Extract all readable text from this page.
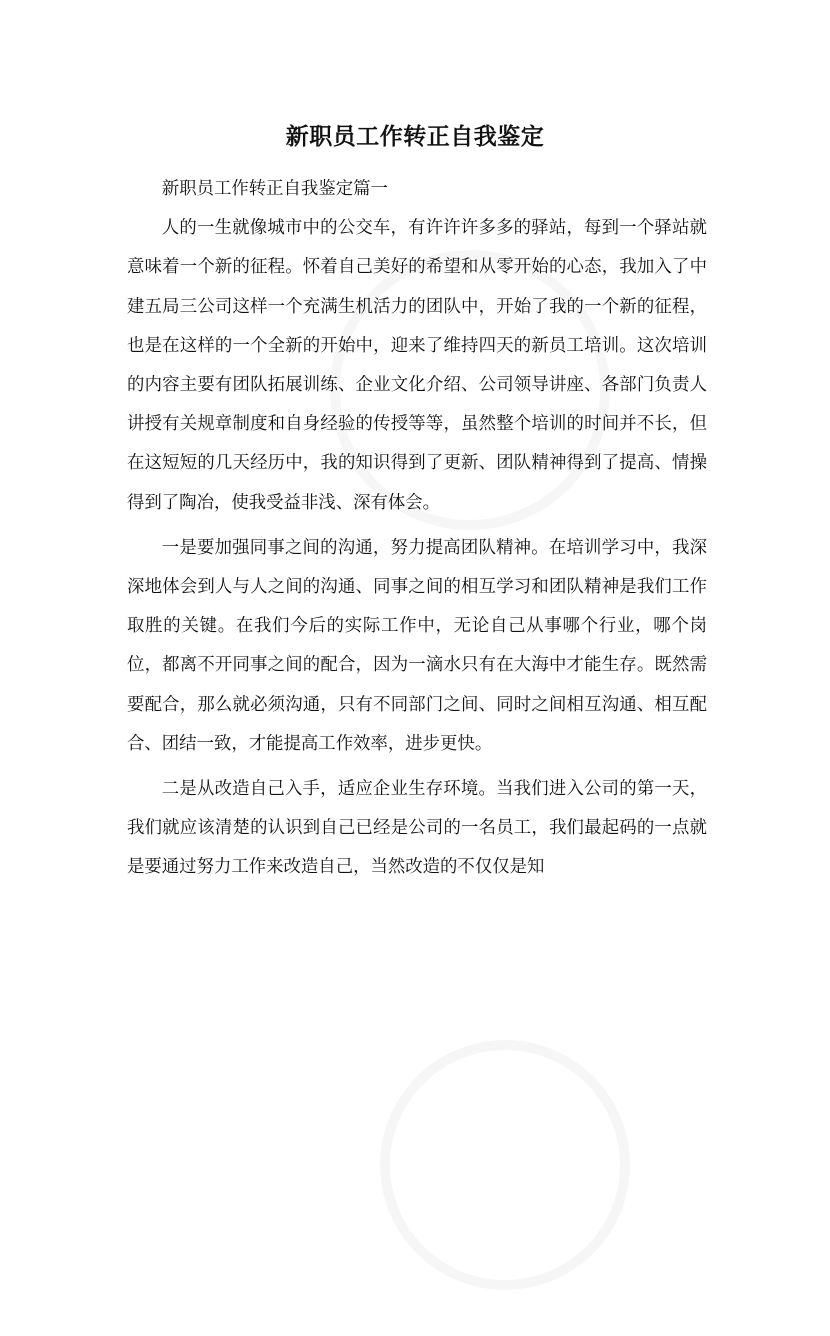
新职员工作转正自我鉴定

新职员工作转正自我鉴定篇一

人的一生就像城市中的公交车，有许许许多多的驿站，每到一个驿站就意味着一个新的征程。怀着自己美好的希望和从零开始的心态，我加入了中建五局三公司这样一个充满生机活力的团队中，开始了我的一个新的征程，也是在这样的一个全新的开始中，迎来了维持四天的新员工培训。这次培训的内容主要有团队拓展训练、企业文化介绍、公司领导讲座、各部门负责人讲授有关规章制度和自身经验的传授等等，虽然整个培训的时间并不长，但在这短短的几天经历中，我的知识得到了更新、团队精神得到了提高、情操得到了陶冶，使我受益非浅、深有体会。

一是要加强同事之间的沟通，努力提高团队精神。在培训学习中，我深深地体会到人与人之间的沟通、同事之间的相互学习和团队精神是我们工作取胜的关键。在我们今后的实际工作中，无论自己从事哪个行业，哪个岗位，都离不开同事之间的配合，因为一滴水只有在大海中才能生存。既然需要配合，那么就必须沟通，只有不同部门之间、同时之间相互沟通、相互配合、团结一致，才能提高工作效率，进步更快。

二是从改造自己入手，适应企业生存环境。当我们进入公司的第一天，我们就应该清楚的认识到自己已经是公司的一名员工，我们最起码的一点就是要通过努力工作来改造自己，当然改造的不仅仅是知
